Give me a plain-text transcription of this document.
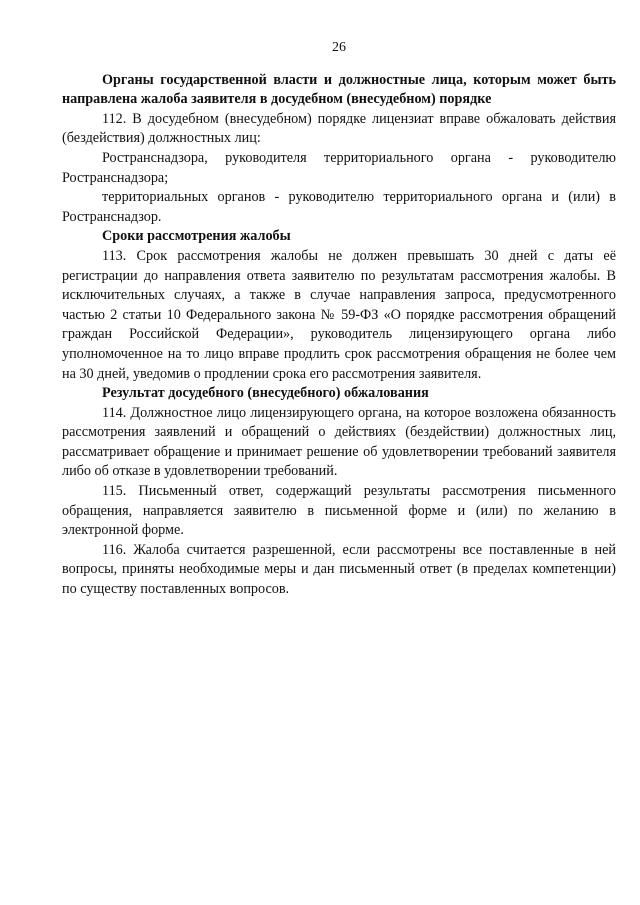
26

Органы государственной власти и должностные лица, которым может быть направлена жалоба заявителя в досудебном (внесудебном) порядке

112. В досудебном (внесудебном) порядке лицензиат вправе обжаловать действия (бездействия) должностных лиц:

Ространснадзора, руководителя территориального органа - руководителю Ространснадзора;

территориальных органов - руководителю территориального органа и (или) в Ространснадзор.

Сроки рассмотрения жалобы

113. Срок рассмотрения жалобы не должен превышать 30 дней с даты её регистрации до направления ответа заявителю по результатам рассмотрения жалобы. В исключительных случаях, а также в случае направления запроса, предусмотренного частью 2 статьи 10 Федерального закона № 59-ФЗ «О порядке рассмотрения обращений граждан Российской Федерации», руководитель лицензирующего органа либо уполномоченное на то лицо вправе продлить срок рассмотрения обращения не более чем на 30 дней, уведомив о продлении срока его рассмотрения заявителя.

Результат досудебного (внесудебного) обжалования

114. Должностное лицо лицензирующего органа, на которое возложена обязанность рассмотрения заявлений и обращений о действиях (бездействии) должностных лиц, рассматривает обращение и принимает решение об удовлетворении требований заявителя либо об отказе в удовлетворении требований.

115. Письменный ответ, содержащий результаты рассмотрения письменного обращения, направляется заявителю в письменной форме и (или) по желанию в электронной форме.

116. Жалоба считается разрешенной, если рассмотрены все поставленные в ней вопросы, приняты необходимые меры и дан письменный ответ (в пределах компетенции) по существу поставленных вопросов.
